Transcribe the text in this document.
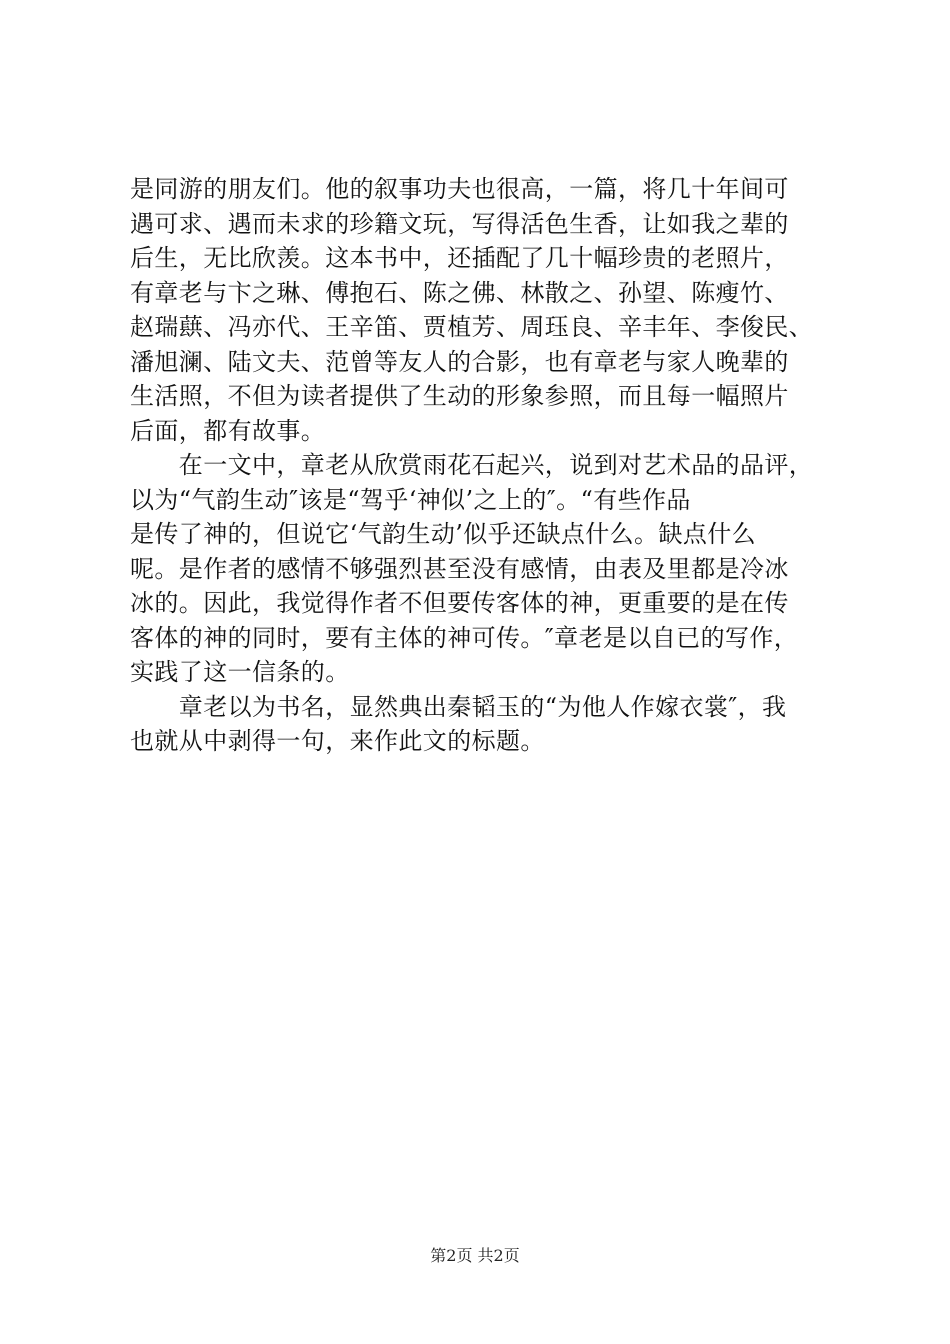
是同游的朋友们。他的叙事功夫也很高，一篇，将几十年间可
遇可求、遇而未求的珍籍文玩，写得活色生香，让如我之辈的
后生，无比欣羡。这本书中，还插配了几十幅珍贵的老照片，
有章老与卞之琳、傅抱石、陈之佛、林散之、孙望、陈瘦竹、
赵瑞蕻、冯亦代、王辛笛、贾植芳、周珏良、辛丰年、李俊民、
潘旭澜、陆文夫、范曾等友人的合影，也有章老与家人晚辈的
生活照，不但为读者提供了生动的形象参照，而且每一幅照片
后面，都有故事。
　　在一文中，章老从欣赏雨花石起兴，说到对艺术品的品评，
以为“气韵生动″该是“驾乎‘神似’之上的″。“有些作品
是传了神的，但说它‘气韵生动’似乎还缺点什么。缺点什么
呢。是作者的感情不够强烈甚至没有感情，由表及里都是冷冰
冰的。因此，我觉得作者不但要传客体的神，更重要的是在传
客体的神的同时，要有主体的神可传。″章老是以自已的写作，
实践了这一信条的。
　　章老以为书名，显然典出秦韬玉的“为他人作嫁衣裳″，我
也就从中剥得一句，来作此文的标题。
第2页 共2页
